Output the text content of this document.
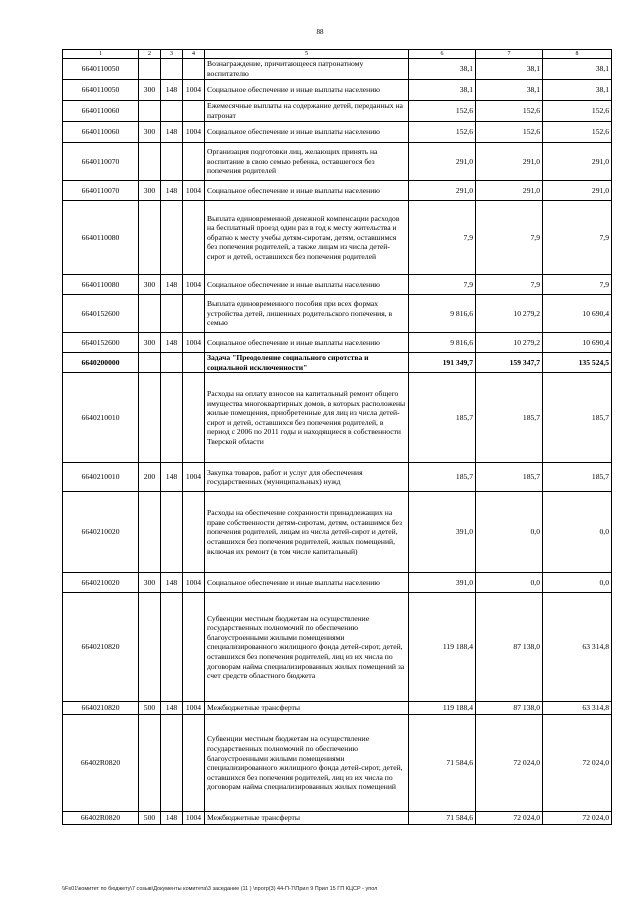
88
1	2	3	4	5	6	7	8
6640110050				Вознаграждение, причитающееся патронатному воспитателю	38,1	38,1	38,1
6640110050	300	148	1004	Социальное обеспечение и иные выплаты населению	38,1	38,1	38,1
6640110060				Ежемесячные выплаты на содержание детей, переданных на патронат	152,6	152,6	152,6
6640110060	300	148	1004	Социальное обеспечение и иные выплаты населению	152,6	152,6	152,6
6640110070				Организация подготовки лиц, желающих принять на воспитание в свою семью ребенка, оставшегося без попечения родителей	291,0	291,0	291,0
6640110070	300	148	1004	Социальное обеспечение и иные выплаты населению	291,0	291,0	291,0
6640110080				Выплата единовременной денежной компенсации расходов на бесплатный проезд один раз в год к месту жительства и обратно к месту учебы детям-сиротам, детям, оставшимся без попечения родителей, а также лицам из числа детей-сирот и детей, оставшихся без попечения родителей	7,9	7,9	7,9
6640110080	300	148	1004	Социальное обеспечение и иные выплаты населению	7,9	7,9	7,9
6640152600				Выплата единовременного пособия при всех формах устройства детей, лишенных родительского попечения, в семью	9 816,6	10 279,2	10 690,4
6640152600	300	148	1004	Социальное обеспечение и иные выплаты населению	9 816,6	10 279,2	10 690,4
6640200000				Задача "Преодоление социального сиротства и социальной исключенности"	191 349,7	159 347,7	135 524,5
6640210010				Расходы на оплату взносов на капитальный ремонт общего имущества многоквартирных домов, в которых расположены жилые помещения, приобретенные для лиц из числа детей-сирот и детей, оставшихся без попечения родителей, в период с 2006 по 2011 годы и находящиеся в собственности Тверской области	185,7	185,7	185,7
6640210010	200	148	1004	Закупка товаров, работ и услуг для обеспечения государственных (муниципальных) нужд	185,7	185,7	185,7
6640210020				Расходы на обеспечение сохранности принадлежащих на праве собственности детям-сиротам, детям, оставшимся без попечения родителей, лицам из числа детей-сирот и детей, оставшихся без попечения родителей, жилых помещений, включая их ремонт (в том числе капитальный)	391,0	0,0	0,0
6640210020	300	148	1004	Социальное обеспечение и иные выплаты населению	391,0	0,0	0,0
6640210820				Субвенции местным бюджетам на осуществление государственных полномочий по обеспечению благоустроенными жилыми помещениями специализированного жилищного фонда детей-сирот, детей, оставшихся без попечения родителей, лиц из их числа по договорам найма специализированных жилых помещений за счет средств областного бюджета	119 188,4	87 138,0	63 314,8
6640210820	500	148	1004	Межбюджетные трансферты	119 188,4	87 138,0	63 314,8
66402R0820				Субвенции местным бюджетам на осуществление государственных полномочий по обеспечению благоустроенными жилыми помещениями специализированного жилищного фонда детей-сирот, детей, оставшихся без попечения родителей, лиц из их числа по договорам найма специализированных жилых помещений	71 584,6	72 024,0	72 024,0
66402R0820	500	148	1004	Межбюджетные трансферты	71 584,6	72 024,0	72 024,0
\\Fs01\комитет по бюджету\7 созыв\Документы комитета\3 заседание (11 ) \прогр(3) 44-П-7\Прил 9 Прил 15 ГП КЦСР - упол
